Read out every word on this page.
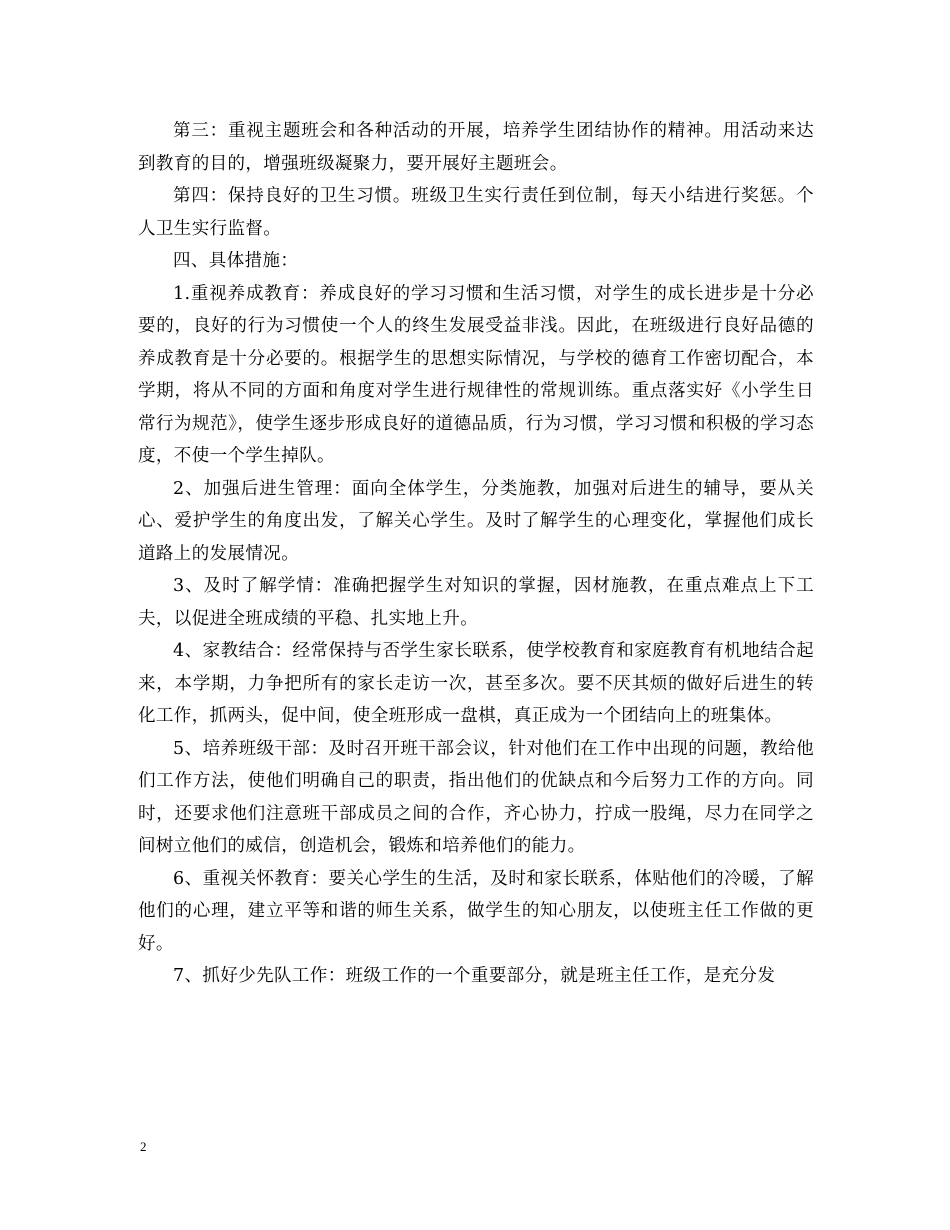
第三：重视主题班会和各种活动的开展，培养学生团结协作的精神。用活动来达到教育的目的，增强班级凝聚力，要开展好主题班会。

第四：保持良好的卫生习惯。班级卫生实行责任到位制，每天小结进行奖惩。个人卫生实行监督。

四、具体措施：

1.重视养成教育：养成良好的学习习惯和生活习惯，对学生的成长进步是十分必要的，良好的行为习惯使一个人的终生发展受益非浅。因此，在班级进行良好品德的养成教育是十分必要的。根据学生的思想实际情况，与学校的德育工作密切配合，本学期，将从不同的方面和角度对学生进行规律性的常规训练。重点落实好《小学生日常行为规范》，使学生逐步形成良好的道德品质，行为习惯，学习习惯和积极的学习态度，不使一个学生掉队。

2、加强后进生管理：面向全体学生，分类施教，加强对后进生的辅导，要从关心、爱护学生的角度出发，了解关心学生。及时了解学生的心理变化，掌握他们成长道路上的发展情况。

3、及时了解学情：准确把握学生对知识的掌握，因材施教，在重点难点上下工夫，以促进全班成绩的平稳、扎实地上升。

4、家教结合：经常保持与否学生家长联系，使学校教育和家庭教育有机地结合起来，本学期，力争把所有的家长走访一次，甚至多次。要不厌其烦的做好后进生的转化工作，抓两头，促中间，使全班形成一盘棋，真正成为一个团结向上的班集体。

5、培养班级干部：及时召开班干部会议，针对他们在工作中出现的问题，教给他们工作方法，使他们明确自己的职责，指出他们的优缺点和今后努力工作的方向。同时，还要求他们注意班干部成员之间的合作，齐心协力，拧成一股绳，尽力在同学之间树立他们的威信，创造机会，锻炼和培养他们的能力。

6、重视关怀教育：要关心学生的生活，及时和家长联系，体贴他们的冷暖，了解他们的心理，建立平等和谐的师生关系，做学生的知心朋友，以使班主任工作做的更好。

7、抓好少先队工作：班级工作的一个重要部分，就是班主任工作，是充分发

2
